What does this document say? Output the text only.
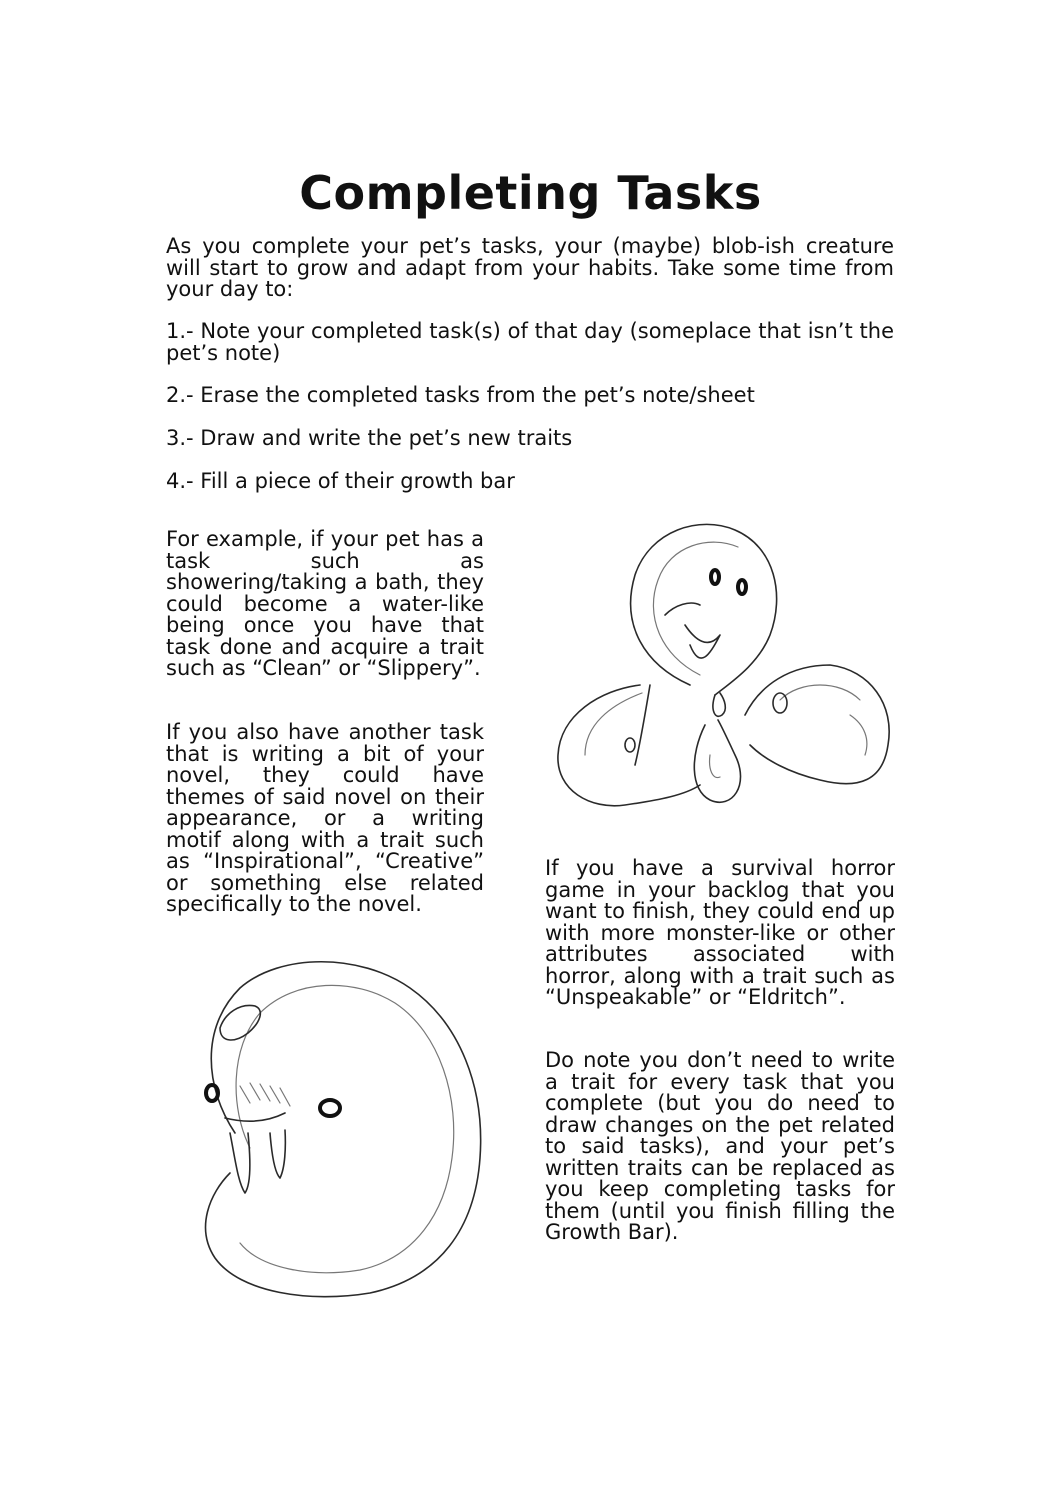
Completing Tasks

As you complete your pet’s tasks, your (maybe) blob-ish creature will start to grow and adapt from your habits. Take some time from your day to:

1.- Note your completed task(s) of that day (someplace that isn’t the pet’s note)

2.- Erase the completed tasks from the pet’s note/sheet

3.- Draw and write the pet’s new traits

4.- Fill a piece of their growth bar

For example, if your pet has a task such as showering/taking a bath, they could become a water-like being once you have that task done and acquire a trait such as “Clean” or “Slippery”.

If you also have another task that is writing a bit of your novel, they could have themes of said novel on their appearance, or a writing motif along with a trait such as “Inspirational”, “Creative” or something else related specifically to the novel.

If you have a survival horror game in your backlog that you want to finish, they could end up with more monster-like or other attributes associated with horror, along with a trait such as “Unspeakable” or “Eldritch”.

Do note you don’t need to write a trait for every task that you complete (but you do need to draw changes on the pet related to said tasks), and your pet’s written traits can be replaced as you keep completing tasks for them (until you finish filling the Growth Bar).
